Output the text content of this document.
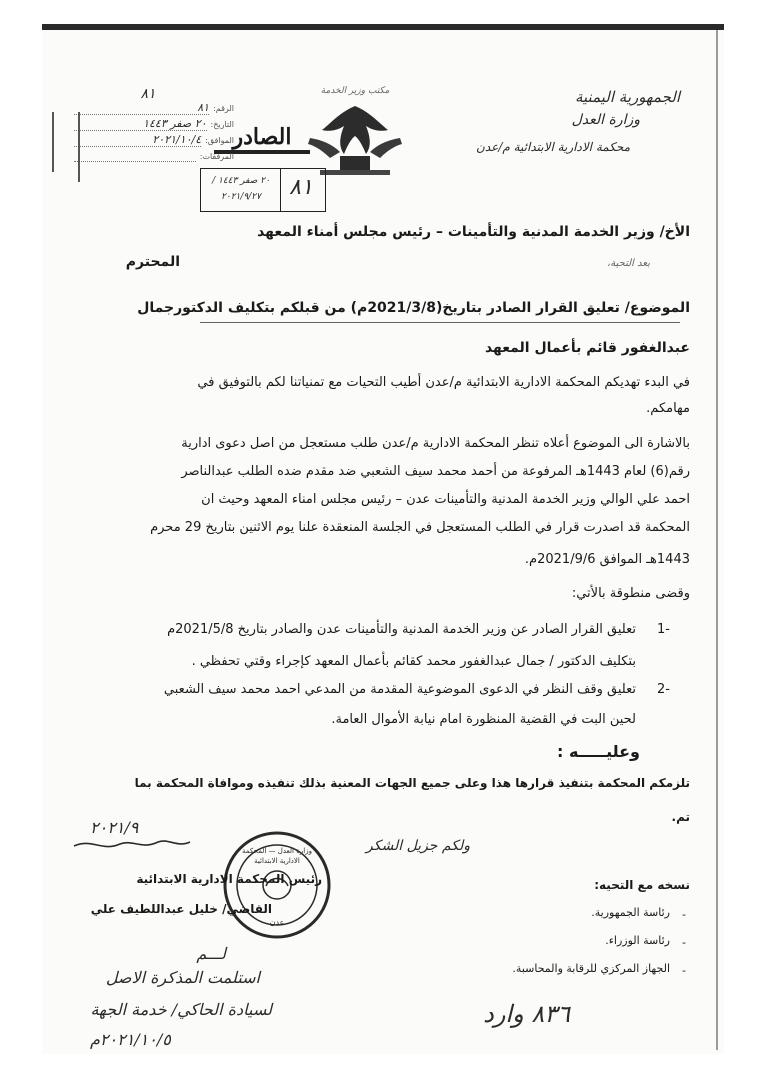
الجمهورية اليمنية
وزارة العدل
محكمة الادارية الابتدائية م/عدن
مكتب وزير الخدمة
الصادر
٨١
٢٠ صفر ١٤٤٣ / ٢٠٢١/٩/٢٧
٨١
الرقم:
٨١
التاريخ:
٢٠ صفر ١٤٤٣
الموافق:
٢٠٢١/١٠/٤
المرفقات:
الأخ/ وزير الخدمة المدنية والتأمينات – رئيس مجلس أمناء المعهد
المحترم	بعد التحية،
الموضوع/ تعليق القرار الصادر بتاريخ(2021/3/8م) من قبلكم بتكليف الدكتورجمال
عبدالغفور قائم بأعمال المعهد
في البدء تهديكم المحكمة الادارية الابتدائية م/عدن أطيب التحيات مع تمنياتنا لكم بالتوفيق في
مهامكم.
بالاشارة الى الموضوع أعلاه تنظر المحكمة الادارية م/عدن طلب مستعجل من اصل دعوى ادارية
رقم(6) لعام 1443هـ المرفوعة من أحمد محمد سيف الشعبي ضد مقدم ضده الطلب عبدالناصر
احمد علي الوالي وزير الخدمة المدنية والتأمينات عدن – رئيس مجلس امناء المعهد وحيث ان
المحكمة قد اصدرت قرار في الطلب المستعجل في الجلسة المنعقدة علنا يوم الاثنين بتاريخ 29 محرم
1443هـ الموافق 2021/9/6م.
وقضى منطوقة بالأتي:
-1
تعليق القرار الصادر عن وزير الخدمة المدنية والتأمينات عدن والصادر بتاريخ 2021/5/8م
بتكليف الدكتور / جمال عبدالغفور محمد كقائم بأعمال المعهد كإجراء وقتي تحفظي .
-2
تعليق وقف النظر في الدعوى الموضوعية المقدمة من المدعي احمد محمد سيف الشعبي
لحين البت في القضية المنظورة امام نيابة الأموال العامة.
وعليـــــه :
تلزمكم المحكمة بتنفيذ قرارها هذا وعلى جميع الجهات المعنية بذلك تنفيذه وموافاة المحكمة بما
تم.
٢٠٢١/٩
ولكم جزيل الشكر
وزارة العدل — المحكمة الادارية الابتدائية
عدن
رئيس المحكمة الادارية الابتدائية
القاضي/ خليل عبداللطيف علي
نسخه مع التحيه:
رئاسة الجمهورية.
رئاسة الوزراء.
الجهاز المركزي للرقابة والمحاسبة.
-
-
-
لـــم
استلمت المذكرة الاصل
لسيادة الحاكي/ خدمة الجهة
٢٠٢١/١٠/٥م
٨٣٦ وارد
